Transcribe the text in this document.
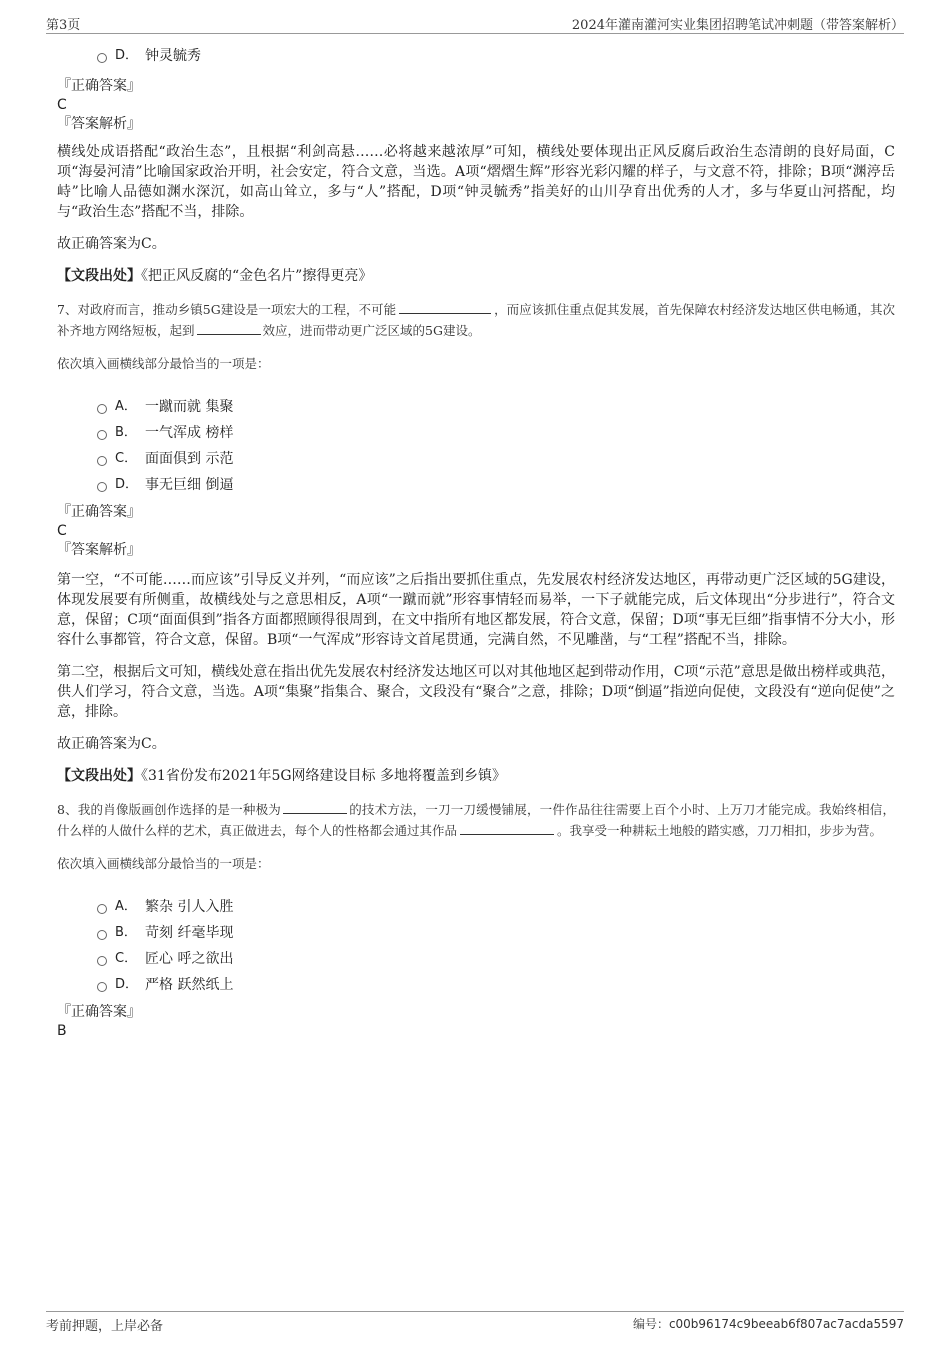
第3页	2024年灌南灌河实业集团招聘笔试冲刺题（带答案解析）
D． 钟灵毓秀

『正确答案』

C

『答案解析』

横线处成语搭配“政治生态”，且根据“利剑高悬……必将越来越浓厚”可知，横线处要体现出正风反腐后政治生态清朗的良好局面，C项“海晏河清”比喻国家政治开明，社会安定，符合文意，当选。A项“熠熠生辉”形容光彩闪耀的样子，与文意不符，排除；B项“渊渟岳峙”比喻人品德如渊水深沉，如高山耸立，多与“人”搭配，D项“钟灵毓秀”指美好的山川孕育出优秀的人才，多与华夏山河搭配，均与“政治生态”搭配不当，排除。

故正确答案为C。

【文段出处】《把正风反腐的“金色名片”擦得更亮》

7、对政府而言，推动乡镇5G建设是一项宏大的工程，不可能	，而应该抓住重点促其发展，首先保障农村经济发达地区供电畅通，其次补齐地方网络短板，起到	效应，进而带动更广泛区域的5G建设。

依次填入画横线部分最恰当的一项是：

A． 一蹴而就 集聚
B． 一气浑成 榜样
C． 面面俱到 示范
D． 事无巨细 倒逼

『正确答案』

C

『答案解析』

第一空，“不可能……而应该”引导反义并列，“而应该”之后指出要抓住重点，先发展农村经济发达地区，再带动更广泛区域的5G建设，体现发展要有所侧重，故横线处与之意思相反，A项“一蹴而就”形容事情轻而易举，一下子就能完成，后文体现出“分步进行”，符合文意，保留；C项“面面俱到”指各方面都照顾得很周到，在文中指所有地区都发展，符合文意，保留；D项“事无巨细”指事情不分大小，形容什么事都管，符合文意，保留。B项“一气浑成”形容诗文首尾贯通，完满自然，不见雕凿，与“工程”搭配不当，排除。

第二空，根据后文可知，横线处意在指出优先发展农村经济发达地区可以对其他地区起到带动作用，C项“示范”意思是做出榜样或典范，供人们学习，符合文意，当选。A项“集聚”指集合、聚合，文段没有“聚合”之意，排除；D项“倒逼”指逆向促使，文段没有“逆向促使”之意，排除。

故正确答案为C。

【文段出处】《31省份发布2021年5G网络建设目标 多地将覆盖到乡镇》

8、我的肖像版画创作选择的是一种极为	的技术方法，一刀一刀缓慢铺展，一件作品往往需要上百个小时、上万刀才能完成。我始终相信，什么样的人做什么样的艺术，真正做进去，每个人的性格都会通过其作品	。我享受一种耕耘土地般的踏实感，刀刀相扣，步步为营。

依次填入画横线部分最恰当的一项是：

A． 繁杂 引人入胜
B． 苛刻 纤毫毕现
C． 匠心 呼之欲出
D． 严格 跃然纸上

『正确答案』

B

考前押题，上岸必备	编号：c00b96174c9beeab6f807ac7acda5597
